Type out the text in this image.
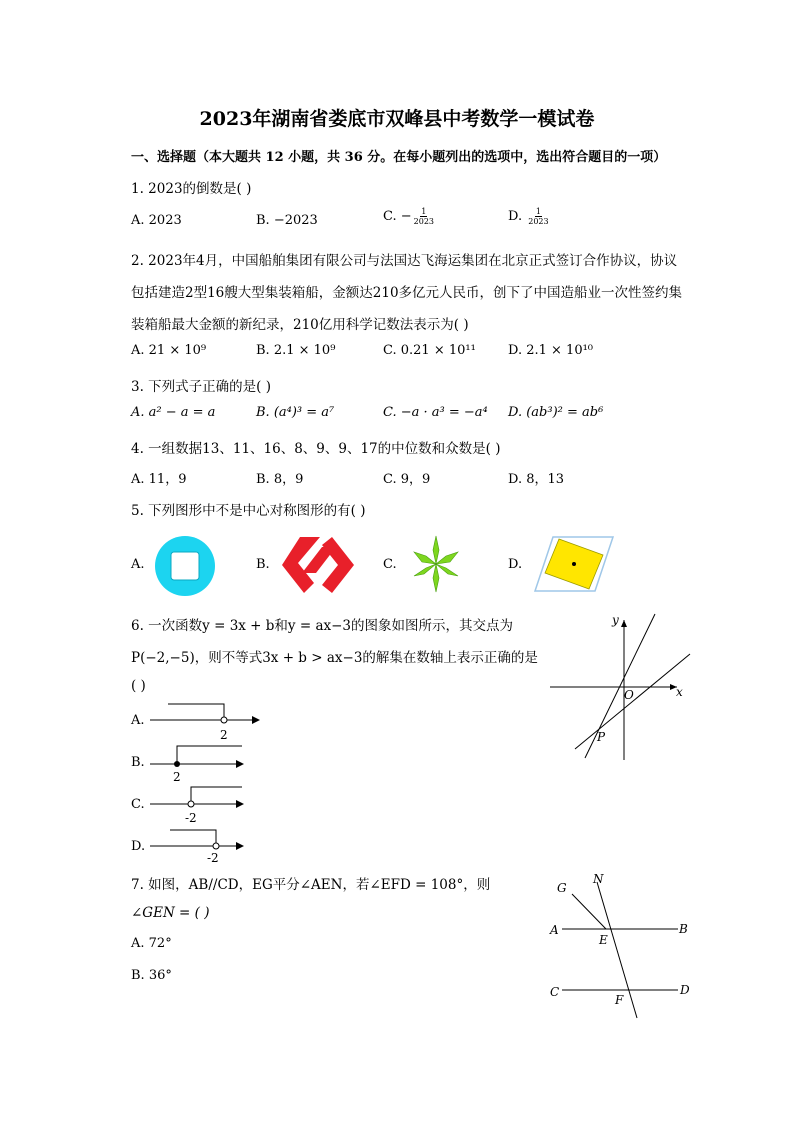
2023年湖南省娄底市双峰县中考数学一模试卷
一、选择题（本大题共 12 小题，共 36 分。在每小题列出的选项中，选出符合题目的一项）
1. 2023的倒数是( )
A. 2023	B. −2023	C. − $\frac{1}{2023}$	D. $\frac{1}{2023}$
2. 2023年4月，中国船舶集团有限公司与法国达飞海运集团在北京正式签订合作协议，协议
包括建造2型16艘大型集装箱船，金额达210多亿元人民币，创下了中国造船业一次性签约集
装箱船最大金额的新纪录，210亿用科学记数法表示为( )
A. 21 × 10⁹	B. 2.1 × 10⁹	C. 0.21 × 10¹¹ D. 2.1 × 10¹⁰
3. 下列式子正确的是( )
A. a² − a = a	B. (a⁴)³ = a⁷	C. −a · a³ = −a⁴ D. (ab³)² = ab⁶
4. 一组数据13、11、16、8、9、9、17的中位数和众数是( )
A. 11，9	B. 8，9	C. 9，9	D. 8，13
5. 下列图形中不是中心对称图形的有( )
A.	B.	C.	D.
6. 一次函数y = 3x + b和y = ax−3的图象如图所示，其交点为
P(−2,−5)，则不等式3x + b > ax−3的解集在数轴上表示正确的是
( )
y
x
O
P
A.
2
B.
2
C.
-2
D.
-2
7. 如图，AB//CD，EG平分∠AEN，若∠EFD = 108°，则
∠GEN = ( )
A. 72°
B. 36°
G
N
A
E
B
C
F
D
